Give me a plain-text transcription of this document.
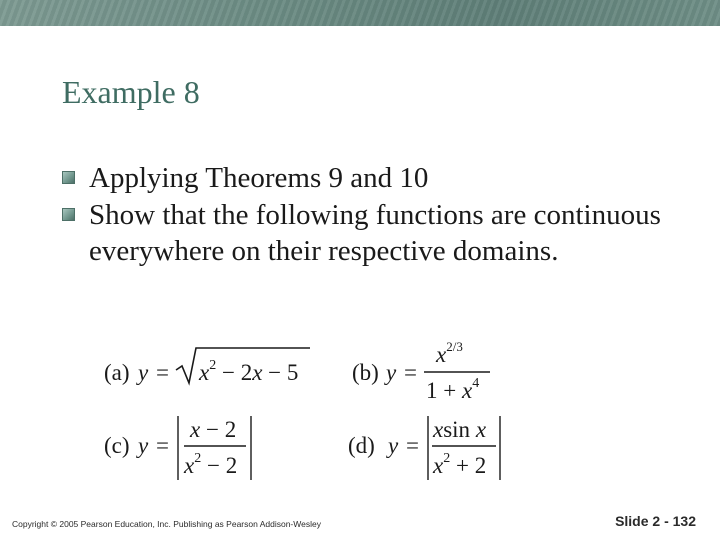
Example 8
Applying Theorems 9 and 10
Show that the following functions are continuous everywhere on their respective domains.
(a) $y = x^2 - 2x - 5$ (b) y =
$x^{2/3}$
$1 + x^4$
(c) y =
x − 2
$x^2 - 2$
(d) y =
xsin x
$x^2 + 2$
Copyright © 2005 Pearson Education, Inc. Publishing as Pearson Addison-Wesley	Slide 2 - 132
